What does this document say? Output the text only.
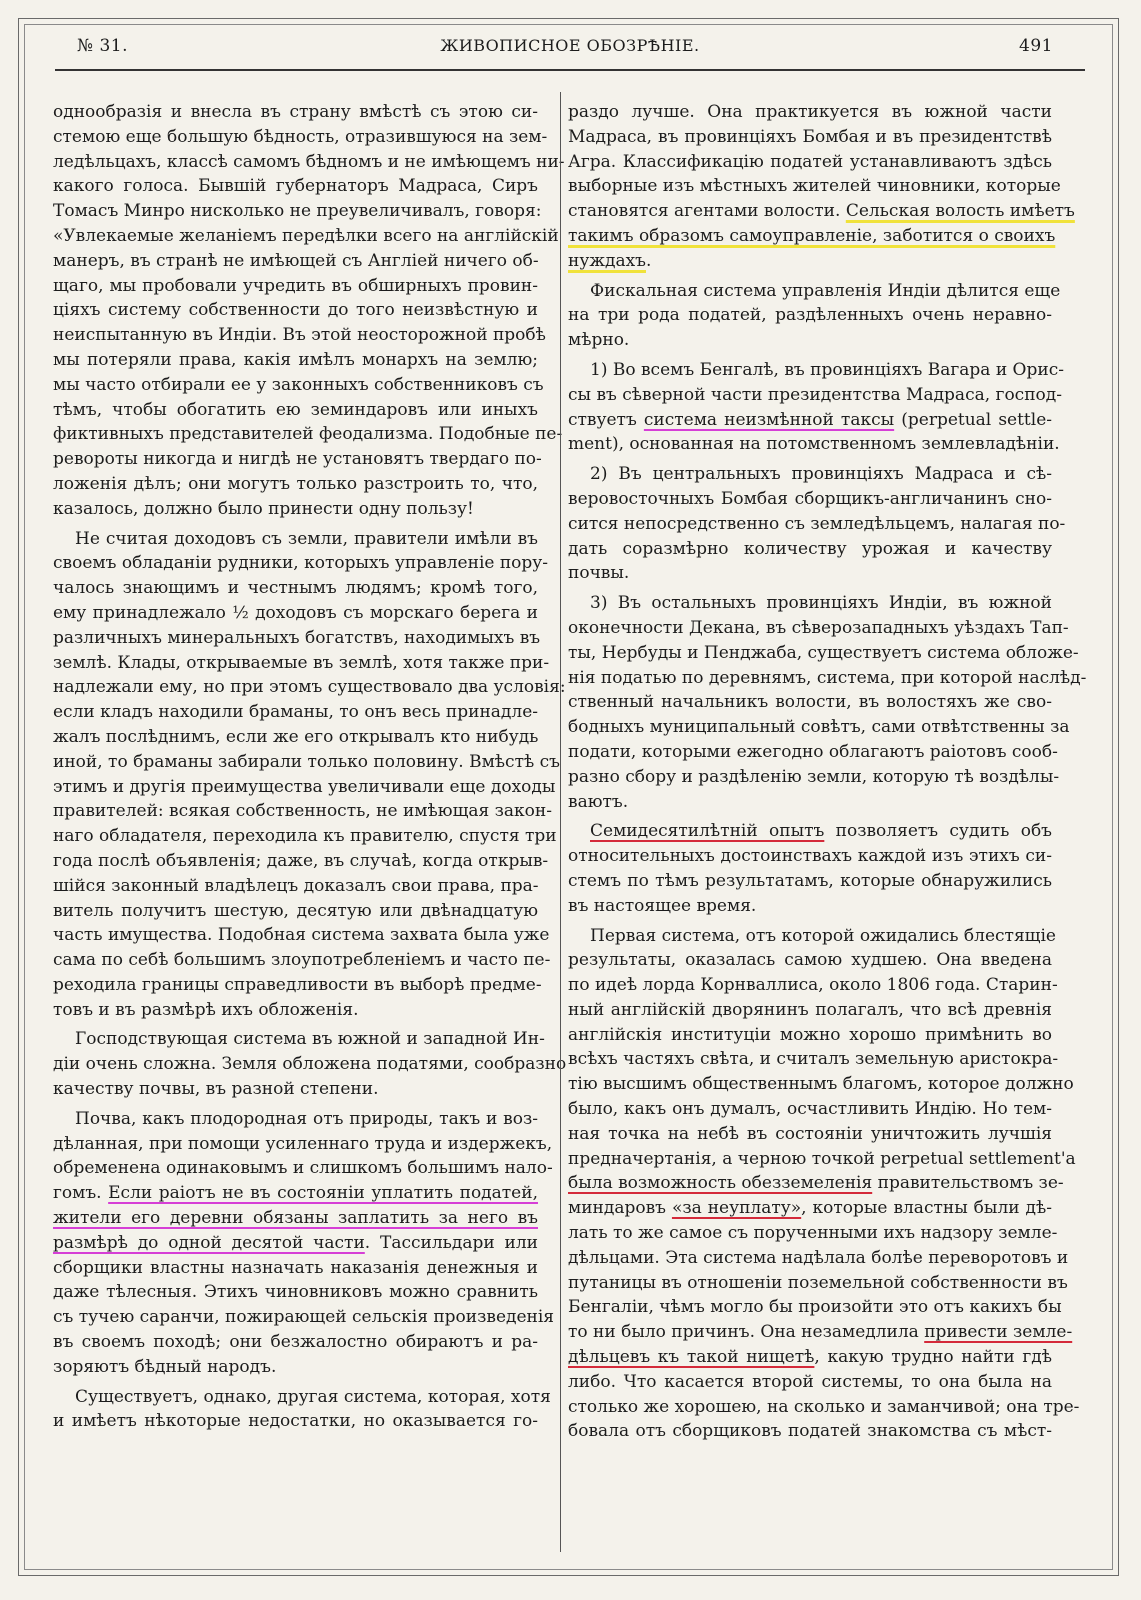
№ 31.	ЖИВОПИСНОЕ ОБОЗРѢНІЕ.	491
однообразія и внесла въ страну вмѣстѣ съ этою си-
стемою еще большую бѣдность, отразившуюся на зем-
ледѣльцахъ, классѣ самомъ бѣдномъ и не имѣющемъ ни-
какого голоса. Бывшій губернаторъ Мадраса, Сиръ
Томасъ Минро нисколько не преувеличивалъ, говоря:
«Увлекаемые желаніемъ передѣлки всего на англійскій
манеръ, въ странѣ не имѣющей съ Англіей ничего об-
щаго, мы пробовали учредить въ обширныхъ провин-
ціяхъ систему собственности до того неизвѣстную и
неиспытанную въ Индіи. Въ этой неосторожной пробѣ
мы потеряли права, какія имѣлъ монархъ на землю;
мы часто отбирали ее у законныхъ собственниковъ съ
тѣмъ, чтобы обогатить ею земиндаровъ или иныхъ
фиктивныхъ представителей феодализма. Подобные пе-
ревороты никогда и нигдѣ не установятъ твердаго по-
ложенія дѣлъ; они могутъ только разстроить то, что,
казалось, должно было принести одну пользу!
Не считая доходовъ съ земли, правители имѣли въ
своемъ обладаніи рудники, которыхъ управленіе пору-
чалось знающимъ и честнымъ людямъ; кромѣ того,
ему принадлежало ½ доходовъ съ морскаго берега и
различныхъ минеральныхъ богатствъ, находимыхъ въ
землѣ. Клады, открываемые въ землѣ, хотя также при-
надлежали ему, но при этомъ существовало два условія:
если кладъ находили браманы, то онъ весь принадле-
жалъ послѣднимъ, если же его открывалъ кто нибудь
иной, то браманы забирали только половину. Вмѣстѣ съ
этимъ и другія преимущества увеличивали еще доходы
правителей: всякая собственность, не имѣющая закон-
наго обладателя, переходила къ правителю, спустя три
года послѣ объявленія; даже, въ случаѣ, когда открыв-
шійся законный владѣлецъ доказалъ свои права, пра-
витель получитъ шестую, десятую или двѣнадцатую
часть имущества. Подобная система захвата была уже
сама по себѣ большимъ злоупотребленіемъ и часто пе-
реходила границы справедливости въ выборѣ предме-
товъ и въ размѣрѣ ихъ обложенія.
Господствующая система въ южной и западной Ин-
діи очень сложна. Земля обложена податями, сообразно
качеству почвы, въ разной степени.
Почва, какъ плодородная отъ природы, такъ и воз-
дѣланная, при помощи усиленнаго труда и издержекъ,
обременена одинаковымъ и слишкомъ большимъ нало-
гомъ. Если раіотъ не въ состояніи уплатить податей,
жители его деревни обязаны заплатить за него въ
размѣрѣ до одной десятой части. Тассильдари или
сборщики властны назначать наказанія денежныя и
даже тѣлесныя. Этихъ чиновниковъ можно сравнить
съ тучею саранчи, пожирающей сельскія произведенія
въ своемъ походѣ; они безжалостно обираютъ и ра-
зоряютъ бѣдный народъ.
Существуетъ, однако, другая система, которая, хотя
и имѣетъ нѣкоторые недостатки, но оказывается го-
раздо лучше. Она практикуется въ южной части
Мадраса, въ провинціяхъ Бомбая и въ президентствѣ
Агра. Классификацію податей устанавливаютъ здѣсь
выборные изъ мѣстныхъ жителей чиновники, которые
становятся агентами волости. Сельская волость имѣетъ
такимъ образомъ самоуправленіе, заботится о своихъ
нуждахъ.
Фискальная система управленія Индіи дѣлится еще
на три рода податей, раздѣленныхъ очень неравно-
мѣрно.
1) Во всемъ Бенгалѣ, въ провинціяхъ Вагара и Орис-
сы въ сѣверной части президентства Мадраса, господ-
ствуетъ система неизмѣнной таксы (perpetual settle-
ment), основанная на потомственномъ землевладѣніи.
2) Въ центральныхъ провинціяхъ Мадраса и сѣ-
веровосточныхъ Бомбая сборщикъ-англичанинъ сно-
сится непосредственно съ земледѣльцемъ, налагая по-
дать соразмѣрно количеству урожая и качеству
почвы.
3) Въ остальныхъ провинціяхъ Индіи, въ южной
оконечности Декана, въ сѣверозападныхъ уѣздахъ Тап-
ты, Нербуды и Пенджаба, существуетъ система обложе-
нія податью по деревнямъ, система, при которой наслѣд-
ственный начальникъ волости, въ волостяхъ же сво-
бодныхъ муниципальный совѣтъ, сами отвѣтственны за
подати, которыми ежегодно облагаютъ раіотовъ сооб-
разно сбору и раздѣленію земли, которую тѣ воздѣлы-
ваютъ.
Семидесятилѣтній опытъ позволяетъ судить объ
относительныхъ достоинствахъ каждой изъ этихъ си-
стемъ по тѣмъ результатамъ, которые обнаружились
въ настоящее время.
Первая система, отъ которой ожидались блестящіе
результаты, оказалась самою худшею. Она введена
по идеѣ лорда Корнваллиса, около 1806 года. Старин-
ный англійскій дворянинъ полагалъ, что всѣ древнія
англійскія институціи можно хорошо примѣнить во
всѣхъ частяхъ свѣта, и считалъ земельную аристокра-
тію высшимъ общественнымъ благомъ, которое должно
было, какъ онъ думалъ, осчастливить Индію. Но тем-
ная точка на небѣ въ состояніи уничтожить лучшія
предначертанія, а черною точкой perpetual settlement'а
была возможность обезземеленія правительствомъ зе-
миндаровъ «за неуплату», которые властны были дѣ-
лать то же самое съ порученными ихъ надзору земле-
дѣльцами. Эта система надѣлала болѣе переворотовъ и
путаницы въ отношеніи поземельной собственности въ
Бенгаліи, чѣмъ могло бы произойти это отъ какихъ бы
то ни было причинъ. Она незамедлила привести земле-
дѣльцевъ къ такой нищетѣ, какую трудно найти гдѣ
либо. Что касается второй системы, то она была на
столько же хорошею, на сколько и заманчивой; она тре-
бовала отъ сборщиковъ податей знакомства съ мѣст-
